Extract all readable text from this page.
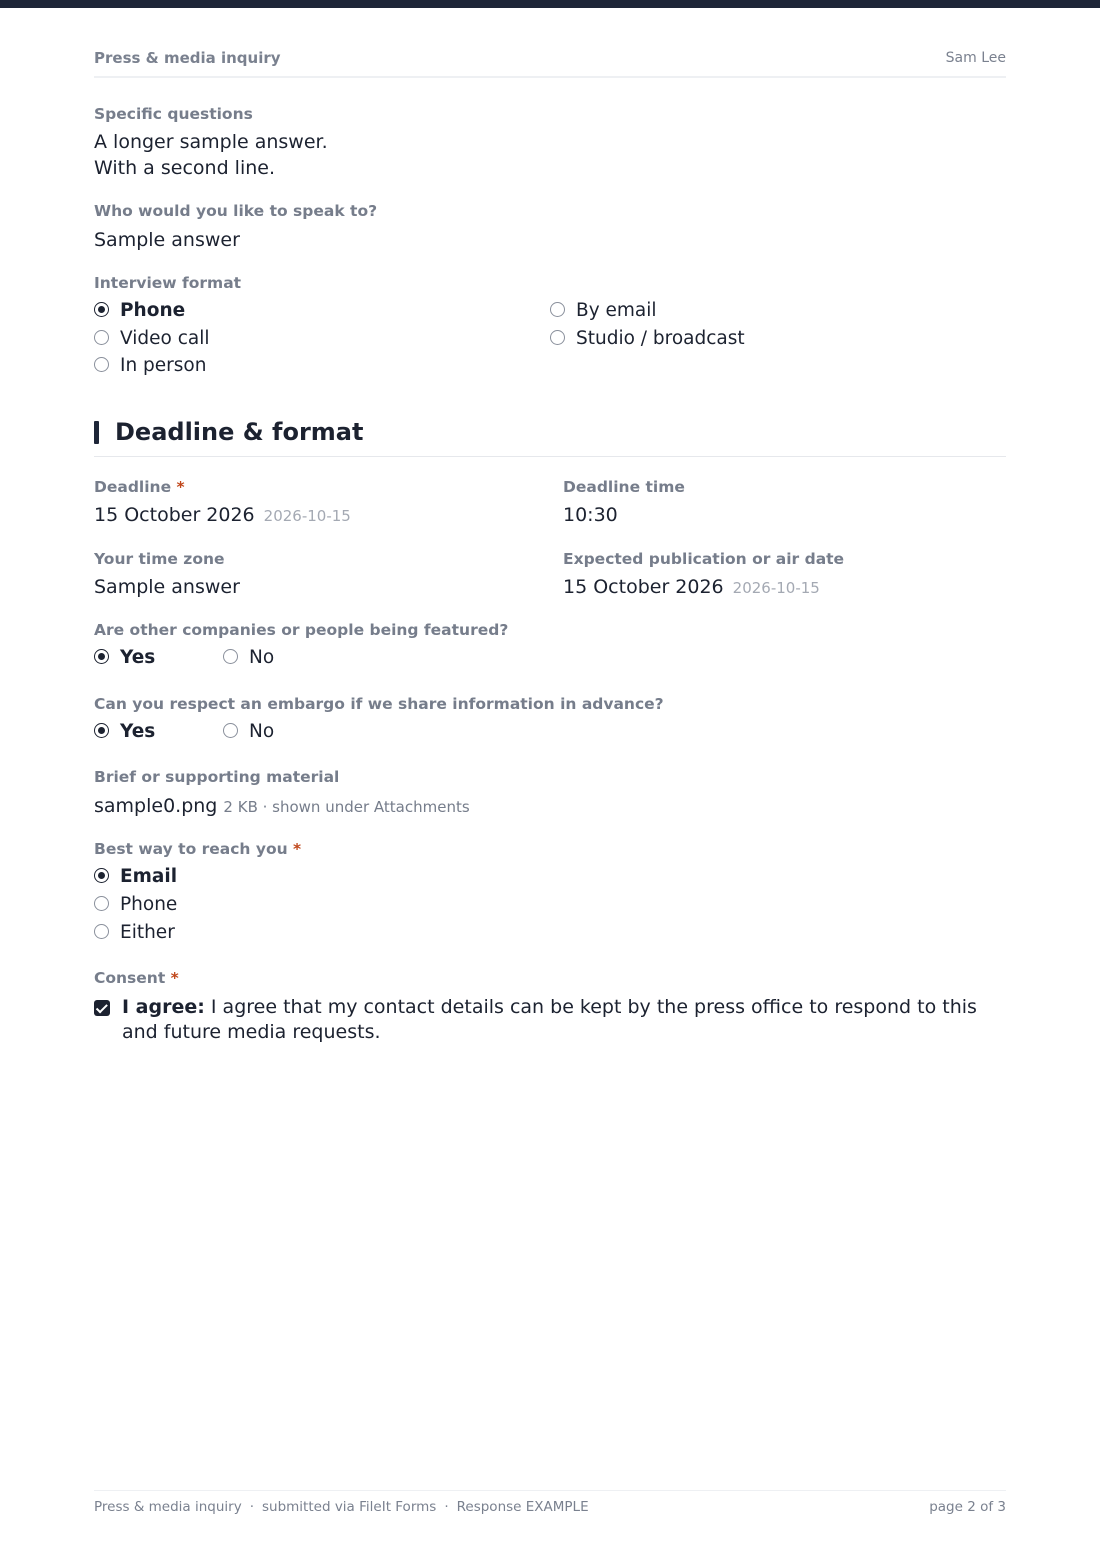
Press & media inquiry	Sam Lee
Specific questions
A longer sample answer.
With a second line.
Who would you like to speak to?
Sample answer
Interview format
Phone
Video call
In person
By email
Studio / broadcast
Deadline & format
Deadline *
15 October 2026 2026-10-15
Deadline time
10:30
Your time zone
Sample answer
Expected publication or air date
15 October 2026 2026-10-15
Are other companies or people being featured?
Yes	No
Can you respect an embargo if we share information in advance?
Yes	No
Brief or supporting material
sample0.png 2 KB · shown under Attachments
Best way to reach you *
Email
Phone
Either
Consent *
I agree: I agree that my contact details can be kept by the press office to respond to this and future media requests.
Press & media inquiry · submitted via FileIt Forms · Response EXAMPLE	page 2 of 3
